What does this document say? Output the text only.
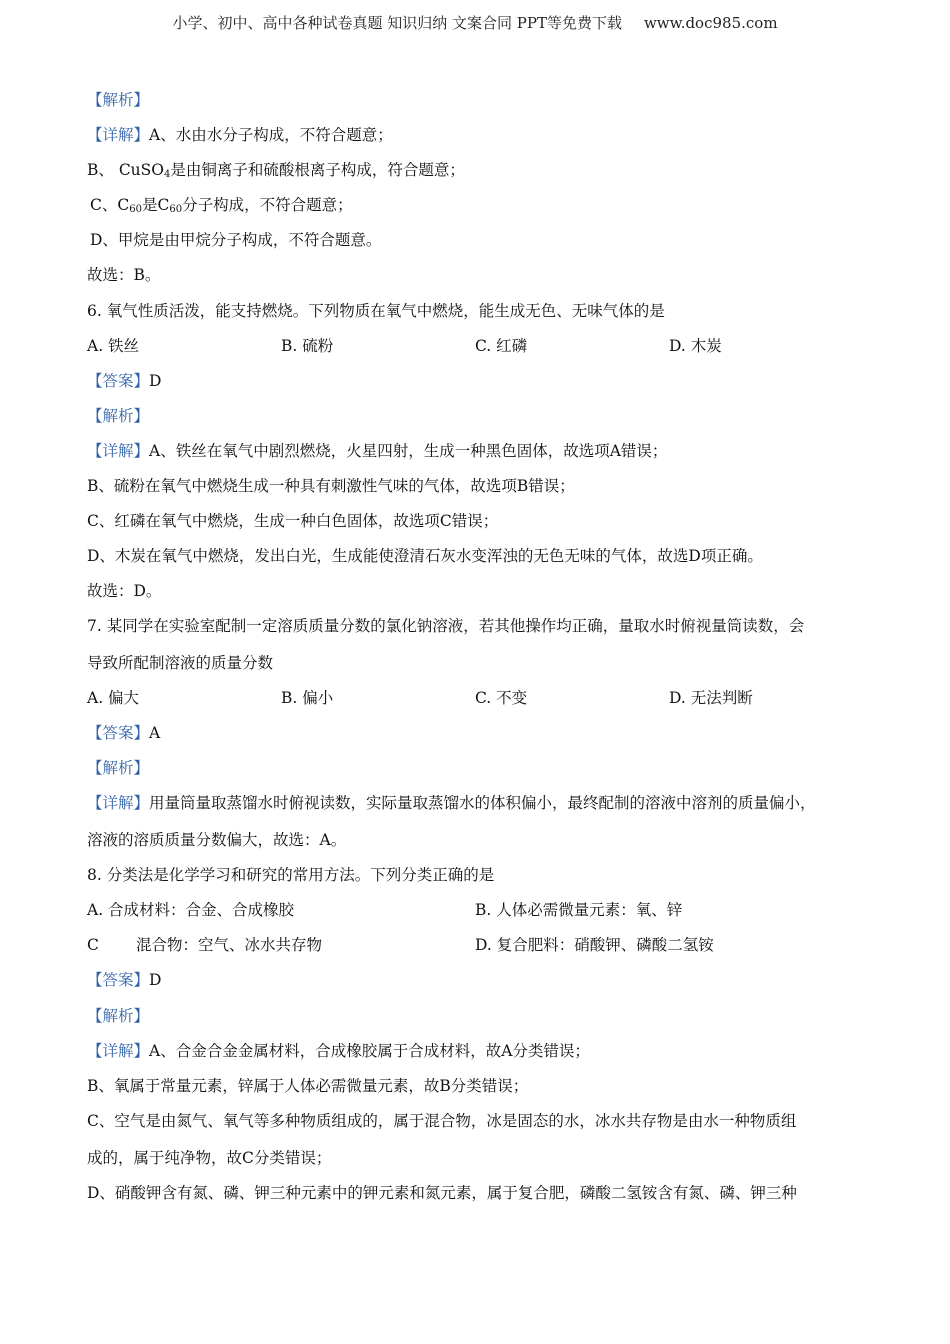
小学、初中、高中各种试卷真题 知识归纳 文案合同 PPT等免费下载 www.doc985.com
【解析】
【详解】A、水由水分子构成，不符合题意；
B、 CuSO$_4$是由铜离子和硫酸根离子构成，符合题意；
C、$C_{60}$是$C_{60}$分子构成，不符合题意；
D、甲烷是由甲烷分子构成，不符合题意。
故选：B。
6. 氧气性质活泼，能支持燃烧。下列物质在氧气中燃烧，能生成无色、无味气体的是
A. 铁丝	B. 硫粉	C. 红磷	D. 木炭
【答案】D
【解析】
【详解】A、铁丝在氧气中剧烈燃烧，火星四射，生成一种黑色固体，故选项A错误；
B、硫粉在氧气中燃烧生成一种具有刺激性气味的气体，故选项B错误；
C、红磷在氧气中燃烧，生成一种白色固体，故选项C错误；
D、木炭在氧气中燃烧，发出白光，生成能使澄清石灰水变浑浊的无色无味的气体，故选D项正确。
故选：D。
7. 某同学在实验室配制一定溶质质量分数的氯化钠溶液，若其他操作均正确，量取水时俯视量筒读数，会
导致所配制溶液的质量分数
A. 偏大	B. 偏小	C. 不变	D. 无法判断
【答案】A
【解析】
【详解】用量筒量取蒸馏水时俯视读数，实际量取蒸馏水的体积偏小，最终配制的溶液中溶剂的质量偏小，
溶液的溶质质量分数偏大，故选：A。
8. 分类法是化学学习和研究的常用方法。下列分类正确的是
A. 合成材料：合金、合成橡胶	B. 人体必需微量元素：氧、锌
C 混合物：空气、冰水共存物	D. 复合肥料：硝酸钾、磷酸二氢铵
【答案】D
【解析】
【详解】A、合金合金金属材料，合成橡胶属于合成材料，故A分类错误；
B、氧属于常量元素，锌属于人体必需微量元素，故B分类错误；
C、空气是由氮气、氧气等多种物质组成的，属于混合物，冰是固态的水，冰水共存物是由水一种物质组
成的，属于纯净物，故C分类错误；
D、硝酸钾含有氮、磷、钾三种元素中的钾元素和氮元素，属于复合肥，磷酸二氢铵含有氮、磷、钾三种
